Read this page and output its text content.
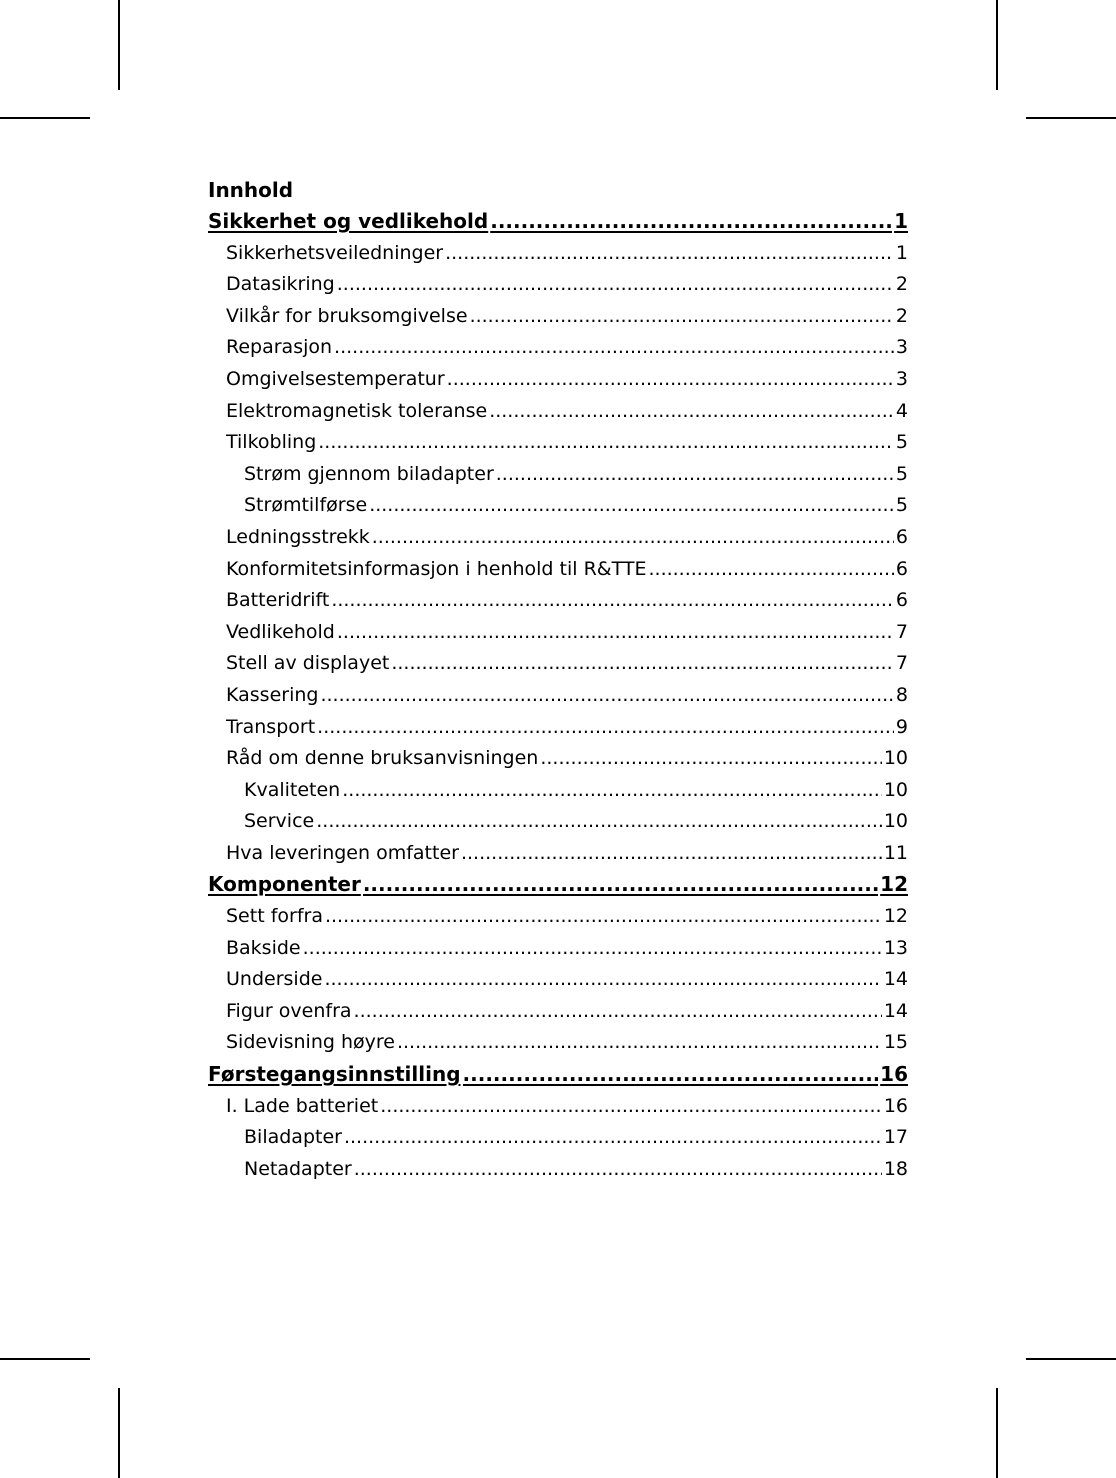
Innhold
Sikkerhet og vedlikehold .....	1
Sikkerhetsveiledninger .....	1
Datasikring .....	2
Vilkår for bruksomgivelse .....	2
Reparasjon .....	3
Omgivelsestemperatur .....	3
Elektromagnetisk toleranse .....	4
Tilkobling .....	5
Strøm gjennom biladapter .....	5
Strømtilførse .....	5
Ledningsstrekk .....	6
Konformitetsinformasjon i henhold til R&TTE .....	6
Batteridrift .....	6
Vedlikehold .....	7
Stell av displayet .....	7
Kassering .....	8
Transport .....	9
Råd om denne bruksanvisningen .....	10
Kvaliteten .....	10
Service .....	10
Hva leveringen omfatter .....	11
Komponenter .....	12
Sett forfra .....	12
Bakside .....	13
Underside .....	14
Figur ovenfra .....	14
Sidevisning høyre .....	15
Førstegangsinnstilling .....	16
I. Lade batteriet .....	16
Biladapter .....	17
Netadapter .....	18
